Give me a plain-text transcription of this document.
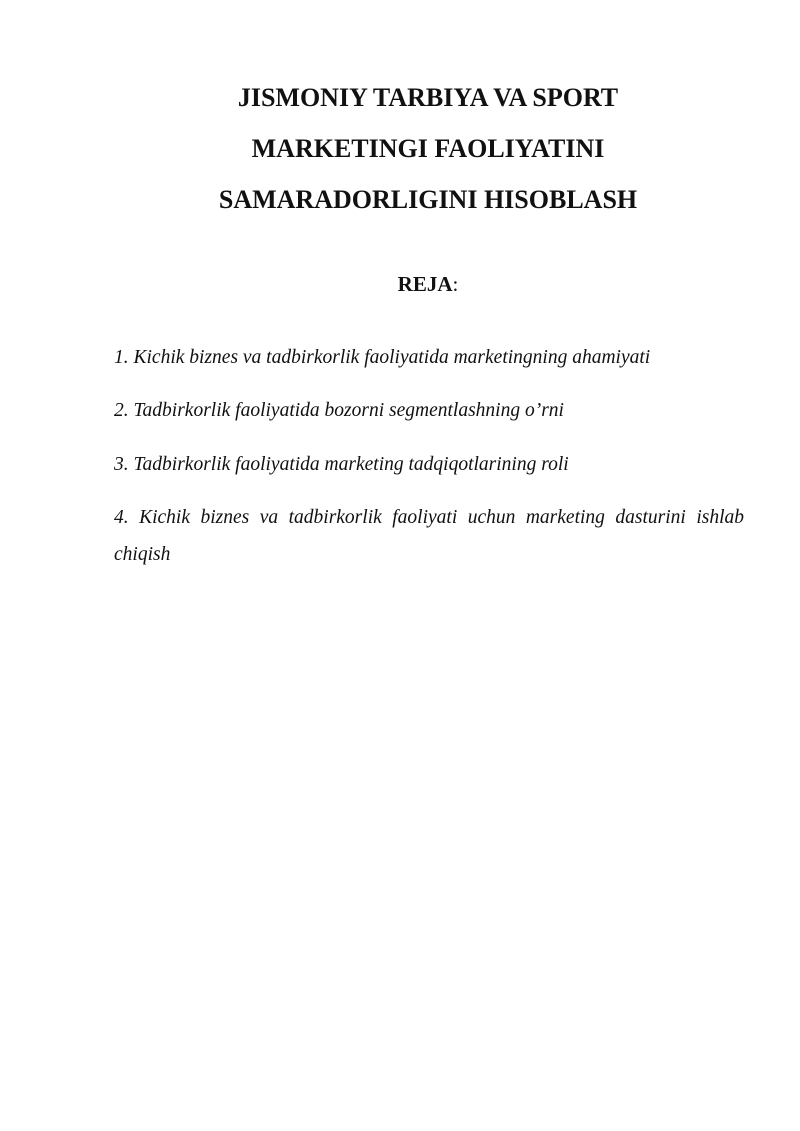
JISMONIY TARBIYA VA SPORT
MARKETINGI FAOLIYATINI
SAMARADORLIGINI HISOBLASH

REJA:

1. Kichik biznes va tadbirkorlik faoliyatida marketingning ahamiyati
2. Tadbirkorlik faoliyatida bozorni segmentlashning o’rni
3. Tadbirkorlik faoliyatida marketing tadqiqotlarining roli
4. Kichik biznes va tadbirkorlik faoliyati uchun marketing dasturini ishlab
chiqish
